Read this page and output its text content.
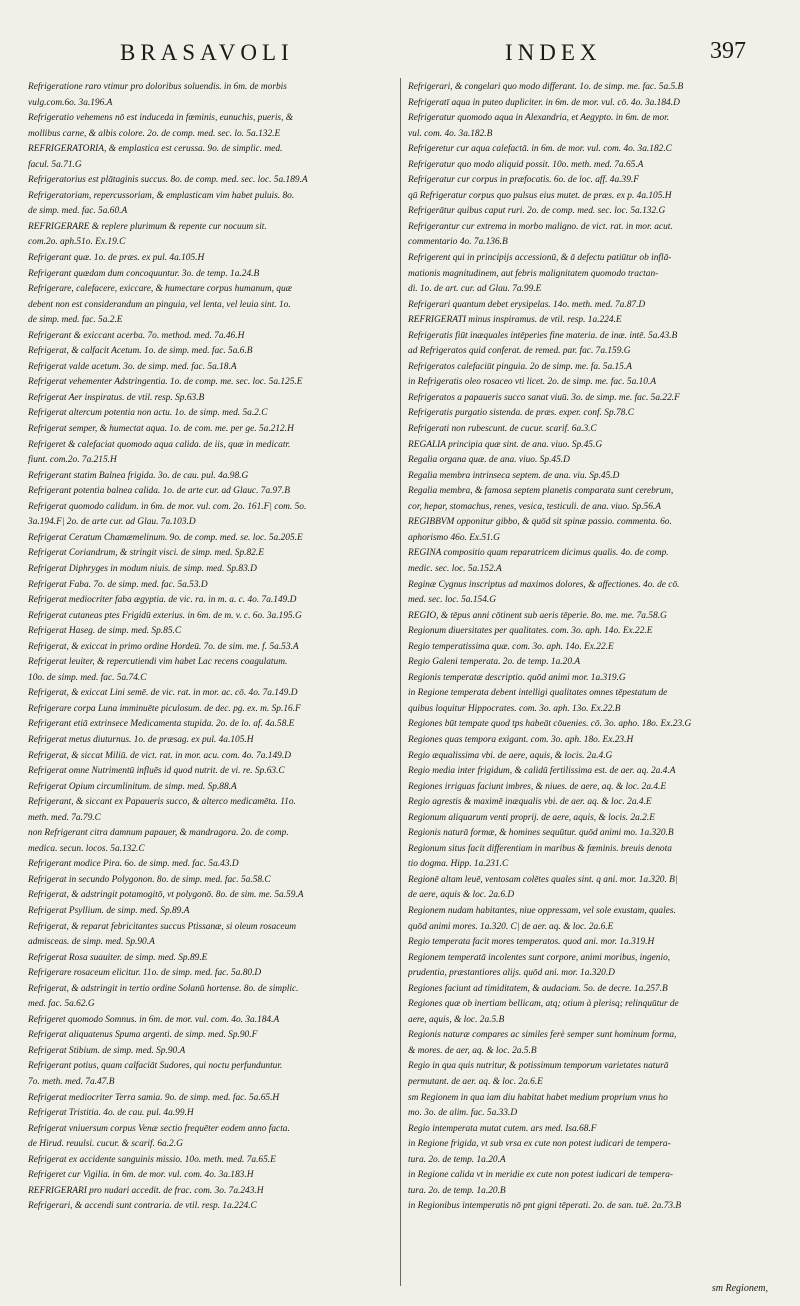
BRASAVOLI	INDEX	397
Refrigeratione raro vtimur pro doloribus soluendis. in 6m. de morbis
vulg.com.6o. 3a.196.A
Refrigeratio vehemens nō est induceda in fœminis, eunuchis, pueris, &
mollibus carne, & albis colore. 2o. de comp. med. sec. lo. 5a.132.E
REFRIGERATORIA, & emplastica est cerussa. 9o. de simplic. med.
facul. 5a.71.G
Refrigeratorius est plātaginis succus. 8o. de comp. med. sec. loc. 5a.189.A
Refrigeratoriam, repercussoriam, & emplasticam vim habet puluis. 8o.
de simp. med. fac. 5a.60.A
REFRIGERARE & replere plurimum & repente cur nocuum sit.
com.2o. aph.51o. Ex.19.C
Refrigerant quæ. 1o. de præs. ex pul. 4a.105.H
Refrigerant quædam dum concoquuntur. 3o. de temp. 1a.24.B
Refrigerare, calefacere, exiccare, & humectare corpus humanum, quæ
debent non est considerandum an pinguia, vel lenta, vel leuia sint. 1o.
de simp. med. fac. 5a.2.E
Refrigerant & exiccant acerba. 7o. method. med. 7a.46.H
Refrigerat, & calfacit Acetum. 1o. de simp. med. fac. 5a.6.B
Refrigerat valde acetum. 3o. de simp. med. fac. 5a.18.A
Refrigerat vehementer Adstringentia. 1o. de comp. me. sec. loc. 5a.125.E
Refrigerat Aer inspiratus. de vtil. resp. Sp.63.B
Refrigerat altercum potentia non actu. 1o. de simp. med. 5a.2.C
Refrigerat semper, & humectat aqua. 1o. de com. me. per ge. 5a.212.H
Refrigeret & calefaciat quomodo aqua calida. de iis, quæ in medicatr.
fiunt. com.2o. 7a.215.H
Refrigerant statim Balnea frigida. 3o. de cau. pul. 4a.98.G
Refrigerant potentia balnea calida. 1o. de arte cur. ad Glauc. 7a.97.B
Refrigerat quomodo calidum. in 6m. de mor. vul. com. 2o. 161.F| com. 5o.
3a.194.F| 2o. de arte cur. ad Glau. 7a.103.D
Refrigerat Ceratum Chamæmelinum. 9o. de comp. med. se. loc. 5a.205.E
Refrigerat Coriandrum, & stringit visci. de simp. med. Sp.82.E
Refrigerat Diphryges in modum niuis. de simp. med. Sp.83.D
Refrigerat Faba. 7o. de simp. med. fac. 5a.53.D
Refrigerat mediocriter faba ægyptia. de vic. ra. in m. a. c. 4o. 7a.149.D
Refrigerat cutaneas ptes Frigidū exterius. in 6m. de m. v. c. 6o. 3a.195.G
Refrigerat Haseg. de simp. med. Sp.85.C
Refrigerat, & exiccat in primo ordine Hordeū. 7o. de sim. me. f. 5a.53.A
Refrigerat leuiter, & repercutiendi vim habet Lac recens coagulatum.
10o. de simp. med. fac. 5a.74.C
Refrigerat, & exiccat Lini semē. de vic. rat. in mor. ac. cō. 4o. 7a.149.D
Refrigerare corpa Luna imminuēte piculosum. de dec. pg. ex. m. Sp.16.F
Refrigerant etiā extrinsece Medicamenta stupida. 2o. de lo. af. 4a.58.E
Refrigerat metus diuturnus. 1o. de præsag. ex pul. 4a.105.H
Refrigerat, & siccat Miliū. de vict. rat. in mor. acu. com. 4o. 7a.149.D
Refrigerat omne Nutrimentū influēs id quod nutrit. de vi. re. Sp.63.C
Refrigerat Opium circumlinitum. de simp. med. Sp.88.A
Refrigerant, & siccant ex Papaueris succo, & alterco medicamēta. 11o.
meth. med. 7a.79.C
non Refrigerant citra damnum papauer, & mandragora. 2o. de comp.
medica. secun. locos. 5a.132.C
Refrigerant modice Pira. 6o. de simp. med. fac. 5a.43.D
Refrigerat in secundo Polygonon. 8o. de simp. med. fac. 5a.58.C
Refrigerat, & adstringit potamogitō, vt polygonō. 8o. de sim. me. 5a.59.A
Refrigerat Psyllium. de simp. med. Sp.89.A
Refrigerat, & reparat febricitantes succus Ptissanæ, si oleum rosaceum
admisceas. de simp. med. Sp.90.A
Refrigerat Rosa suauiter. de simp. med. Sp.89.E
Refrigerare rosaceum elicitur. 11o. de simp. med. fac. 5a.80.D
Refrigerat, & adstringit in tertio ordine Solanū hortense. 8o. de simplic.
med. fac. 5a.62.G
Refrigeret quomodo Somnus. in 6m. de mor. vul. com. 4o. 3a.184.A
Refrigerat aliquatenus Spuma argenti. de simp. med. Sp.90.F
Refrigerat Stibium. de simp. med. Sp.90.A
Refrigerant potius, quam calfaciāt Sudores, qui noctu perfunduntur.
7o. meth. med. 7a.47.B
Refrigerat mediocriter Terra samia. 9o. de simp. med. fac. 5a.65.H
Refrigerat Tristitia. 4o. de cau. pul. 4a.99.H
Refrigerat vniuersum corpus Venæ sectio frequēter eodem anno facta.
de Hirud. reuulsi. cucur. & scarif. 6a.2.G
Refrigerat ex accidente sanguinis missio. 10o. meth. med. 7a.65.E
Refrigeret cur Vigilia. in 6m. de mor. vul. com. 4o. 3a.183.H
REFRIGERARI pro nudari accedit. de frac. com. 3o. 7a.243.H
Refrigerari, & accendi sunt contraria. de vtil. resp. 1a.224.C
Refrigerari, & congelari quo modo differant. 1o. de simp. me. fac. 5a.5.B
Refrigeratī aqua in puteo dupliciter. in 6m. de mor. vul. cō. 4o. 3a.184.D
Refrigeratur quomodo aqua in Alexandria, et Aegypto. in 6m. de mor.
vul. com. 4o. 3a.182.B
Refrigeretur cur aqua calefactā. in 6m. de mor. vul. com. 4o. 3a.182.C
Refrigeratur quo modo aliquid possit. 10o. meth. med. 7a.65.A
Refrigeratur cur corpus in præfocatis. 6o. de loc. aff. 4a.39.F
qū Refrigeratur corpus quo pulsus eius mutet. de præs. ex p. 4a.105.H
Refrigerātur quibus caput ruri. 2o. de comp. med. sec. loc. 5a.132.G
Refrigerantur cur extrema in morbo maligno. de vict. rat. in mor. acut.
commentario 4o. 7a.136.B
Refrigerent qui in principijs accessionū, & ā defectu patiūtur ob inflā-
mationis magnitudinem, aut febris malignitatem quomodo tractan-
di. 1o. de art. cur. ad Glau. 7a.99.E
Refrigerari quantum debet erysipelas. 14o. meth. med. 7a.87.D
REFRIGERATI minus inspiramus. de vtil. resp. 1a.224.E
Refrigeratis fiūt inæquales intēperies fine materia. de inæ. intē. 5a.43.B
ad Refrigeratos quid conferat. de remed. par. fac. 7a.159.G
Refrigeratos calefaciūt pinguia. 2o de simp. me. fa. 5a.15.A
in Refrigeratis oleo rosaceo vti licet. 2o. de simp. me. fac. 5a.10.A
Refrigeratos a papaueris succo sanat viuū. 3o. de simp. me. fac. 5a.22.F
Refrigeratis purgatio sistenda. de præs. exper. conf. Sp.78.C
Refrigerati non rubescunt. de cucur. scarif. 6a.3.C
REGALIA principia quæ sint. de ana. viuo. Sp.45.G
Regalia organa quæ. de ana. viuo. Sp.45.D
Regalia membra intrinseca septem. de ana. viu. Sp.45.D
Regalia membra, & famosa septem planetis comparata sunt cerebrum,
cor, hepar, stomachus, renes, vesica, testiculi. de ana. viuo. Sp.56.A
REGIBBVM opponitur gibbo, & quōd sit spinæ passio. commenta. 6o.
aphorismo 46o. Ex.51.G
REGINA compositio quam reparatricem dicimus qualis. 4o. de comp.
medic. sec. loc. 5a.152.A
Reginæ Cygnus inscriptus ad maximos dolores, & affectiones. 4o. de cō.
med. sec. loc. 5a.154.G
REGIO, & tēpus anni cōtinent sub aeris tēperie. 8o. me. me. 7a.58.G
Regionum diuersitates per qualitates. com. 3o. aph. 14o. Ex.22.E
Regio temperatissima quæ. com. 3o. aph. 14o. Ex.22.E
Regio Galeni temperata. 2o. de temp. 1a.20.A
Regionis temperatæ descriptio. quōd animi mor. 1a.319.G
in Regione temperata debent intelligi qualitates omnes tēpestatum de
quibus loquitur Hippocrates. com. 3o. aph. 13o. Ex.22.B
Regiones būt tempate quod tps habeāt cōuenies. cō. 3o. apho. 18o. Ex.23.G
Regiones quas tempora exigant. com. 3o. aph. 18o. Ex.23.H
Regio æqualissima vbi. de aere, aquis, & locis. 2a.4.G
Regio media inter frigidum, & calidū fertilissima est. de aer. aq. 2a.4.A
Regiones irriguas faciunt imbres, & niues. de aere, aq. & loc. 2a.4.E
Regio agrestis & maximē inæqualis vbi. de aer. aq. & loc. 2a.4.E
Regionum aliquarum venti proprij. de aere, aquis, & locis. 2a.2.E
Regionis naturā formæ, & homines sequūtur. quōd animi mo. 1a.320.B
Regionum situs facit differentiam in maribus & fœminis. breuis denota
tio dogma. Hipp. 1a.231.C
Regionē altam leuē, ventosam colētes quales sint. q ani. mor. 1a.320. B|
de aere, aquis & loc. 2a.6.D
Regionem nudam habitantes, niue oppressam, vel sole exustam, quales.
quōd animi mores. 1a.320. C| de aer. aq. & loc. 2a.6.E
Regio temperata facit mores temperatos. quod ani. mor. 1a.319.H
Regionem temperatā incolentes sunt corpore, animi moribus, ingenio,
prudentia, præstantiores alijs. quōd ani. mor. 1a.320.D
Regiones faciunt ad timiditatem, & audaciam. 5o. de decre. 1a.257.B
Regiones quæ ob inertiam bellicam, atq; otium à plerisq; relinquūtur de
aere, aquis, & loc. 2a.5.B
Regionis naturæ compares ac similes ferè semper sunt hominum forma,
& mores. de aer, aq. & loc. 2a.5.B
Regio in qua quis nutritur, & potissimum temporum varietates naturā
permutant. de aer. aq. & loc. 2a.6.E
sm Regionem in qua iam diu habitat habet medium proprium vnus ho
mo. 3o. de alim. fac. 5a.33.D
Regio intemperata mutat cutem. ars med. Isa.68.F
in Regione frigida, vt sub vrsa ex cute non potest iudicari de tempera-
tura. 2o. de temp. 1a.20.A
in Regione calida vt in meridie ex cute non potest iudicari de tempera-
tura. 2o. de temp. 1a.20.B
in Regionibus intemperatis nō pnt gigni tēperati. 2o. de san. tuē. 2a.73.B
sm Regionem,
